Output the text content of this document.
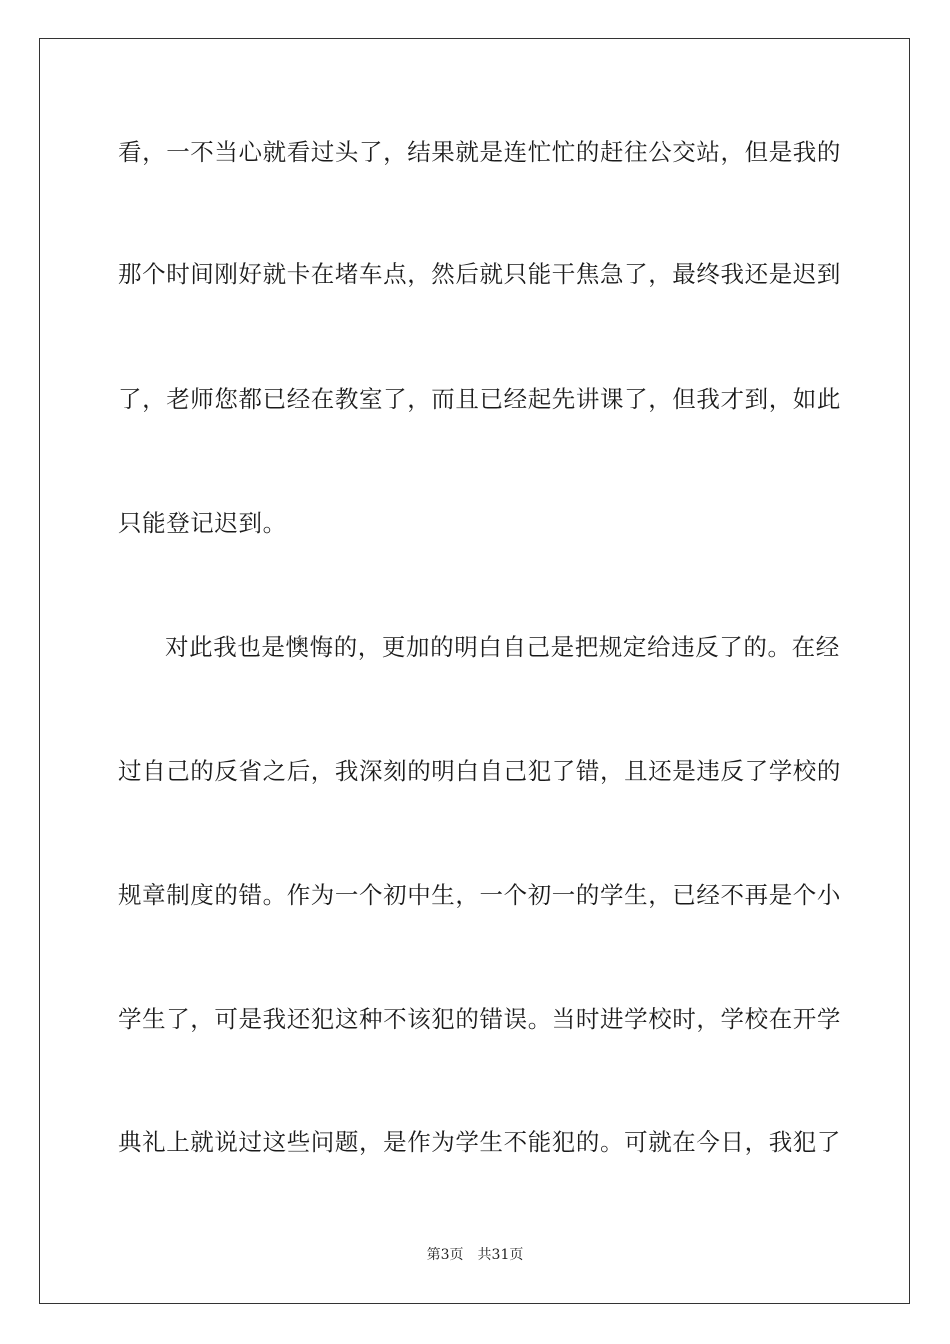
看，一不当心就看过头了，结果就是连忙忙的赶往公交站，但是我的
那个时间刚好就卡在堵车点，然后就只能干焦急了，最终我还是迟到
了，老师您都已经在教室了，而且已经起先讲课了，但我才到，如此
只能登记迟到。
对此我也是懊悔的，更加的明白自己是把规定给违反了的。在经
过自己的反省之后，我深刻的明白自己犯了错，且还是违反了学校的
规章制度的错。作为一个初中生，一个初一的学生，已经不再是个小
学生了，可是我还犯这种不该犯的错误。当时进学校时，学校在开学
典礼上就说过这些问题，是作为学生不能犯的。可就在今日，我犯了
第3页 共31页
